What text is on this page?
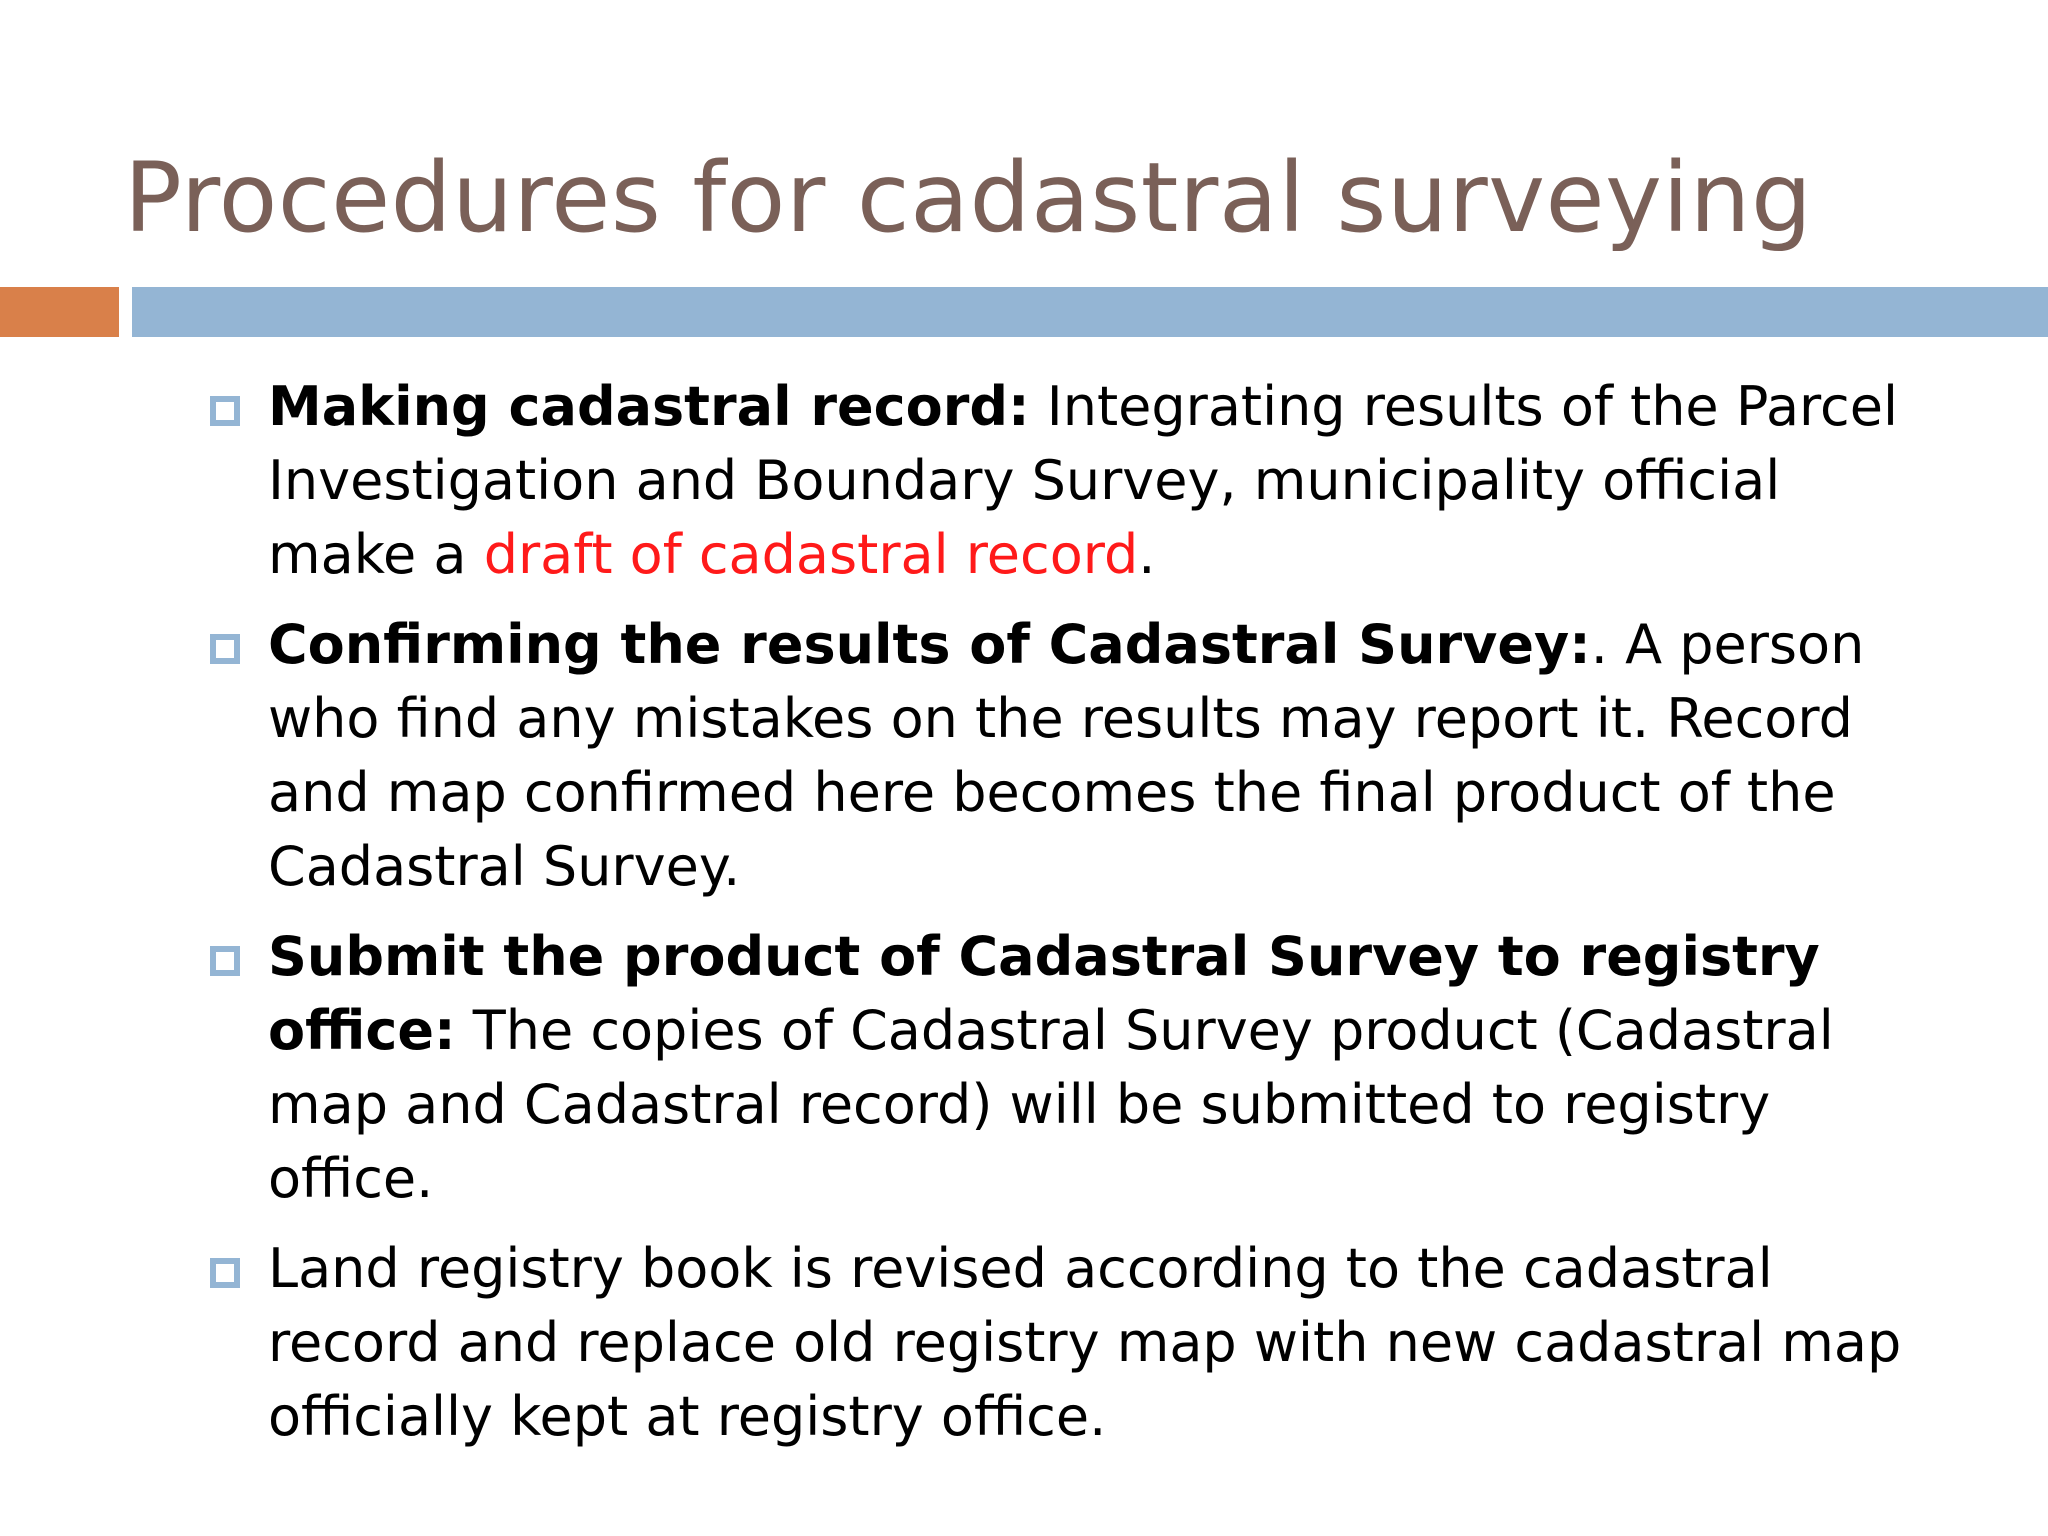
Procedures for cadastral surveying
Making cadastral record: Integrating results of the Parcel Investigation and Boundary Survey, municipality official make a draft of cadastral record.
Confirming the results of Cadastral Survey:. A person who find any mistakes on the results may report it. Record and map confirmed here becomes the final product of the Cadastral Survey.
Submit the product of Cadastral Survey to registry office: The copies of Cadastral Survey product (Cadastral map and Cadastral record) will be submitted to registry office.
Land registry book is revised according to the cadastral record and replace old registry map with new cadastral map officially kept at registry office.
